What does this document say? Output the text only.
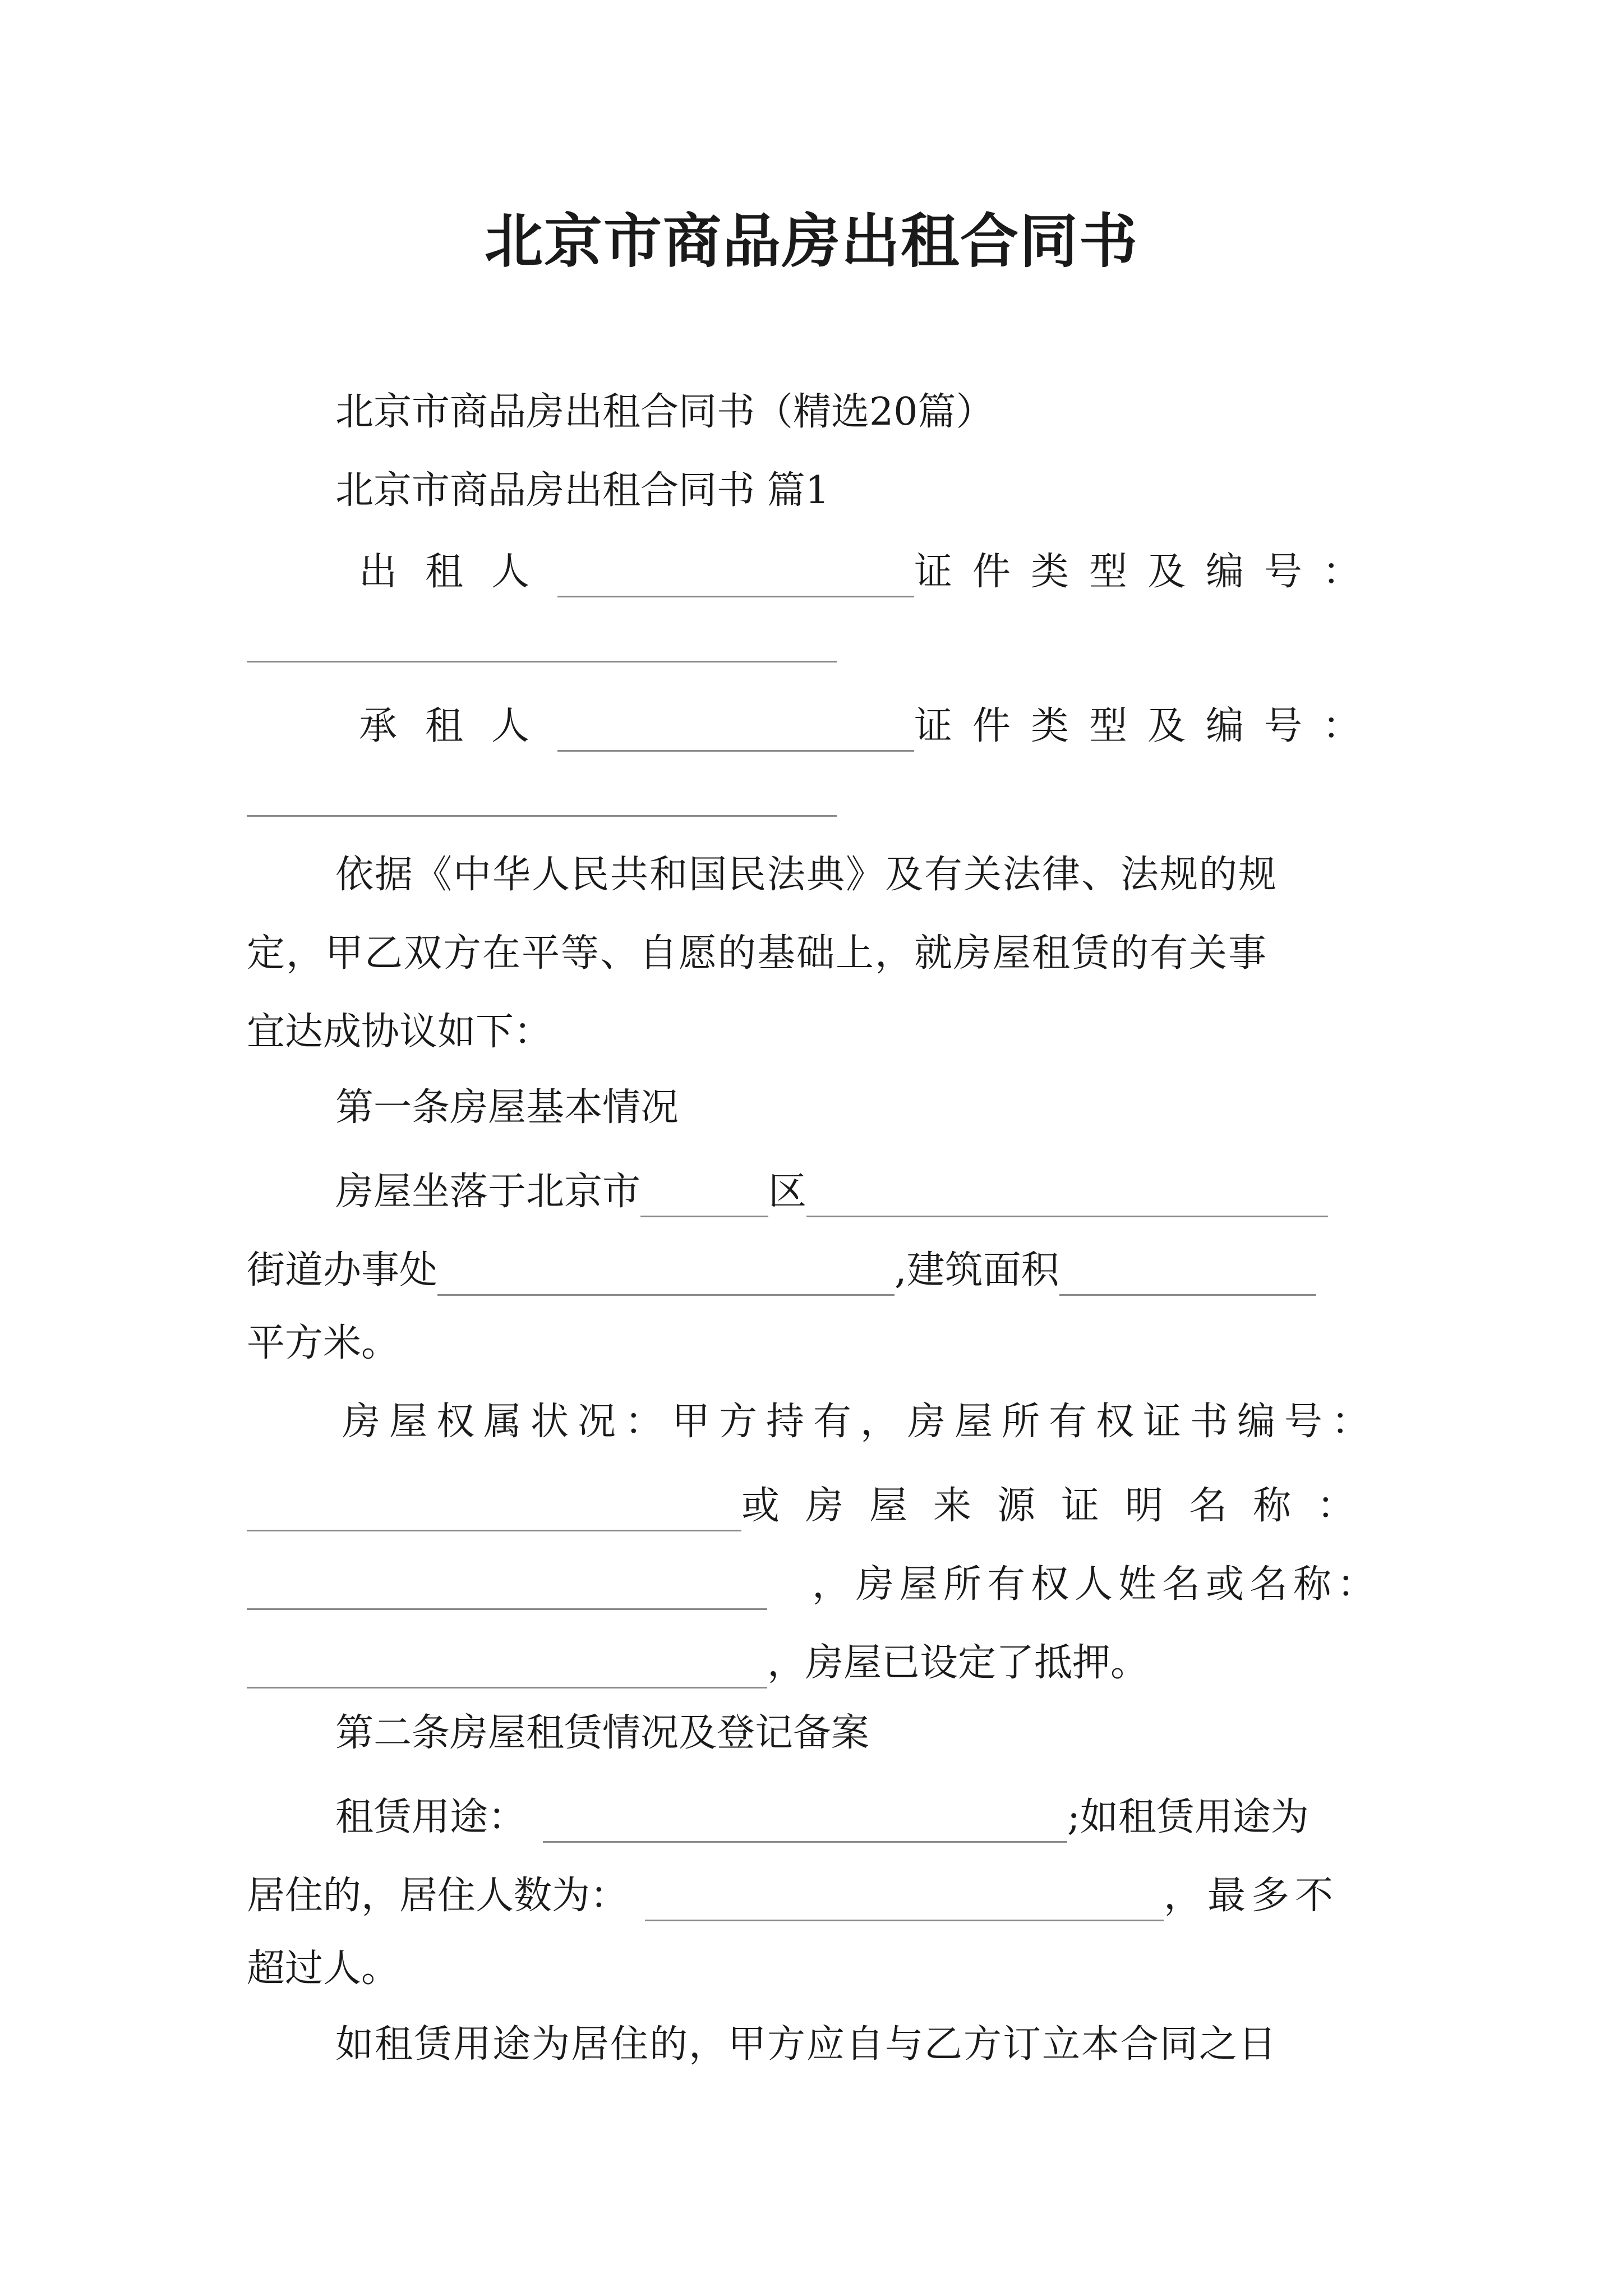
北京市商品房出租合同书
北京市商品房出租合同书（精选20篇）
北京市商品房出租合同书 篇1
出租人	证件类型及编号：
承租人	证件类型及编号：
依据《中华人民共和国民法典》及有关法律、法规的规
定，甲乙双方在平等、自愿的基础上，就房屋租赁的有关事
宜达成协议如下：
第一条房屋基本情况
房屋坐落于北京市	区
街道办事处	,建筑面积
平方米。
房屋权属状况：甲方持有，房屋所有权证书编号：
或房屋来源证明名称：
，房屋所有权人姓名或名称：
，房屋已设定了抵押。
第二条房屋租赁情况及登记备案
租赁用途：	;如租赁用途为
居住的，居住人数为：	，最多不
超过人。
如租赁用途为居住的，甲方应自与乙方订立本合同之日
